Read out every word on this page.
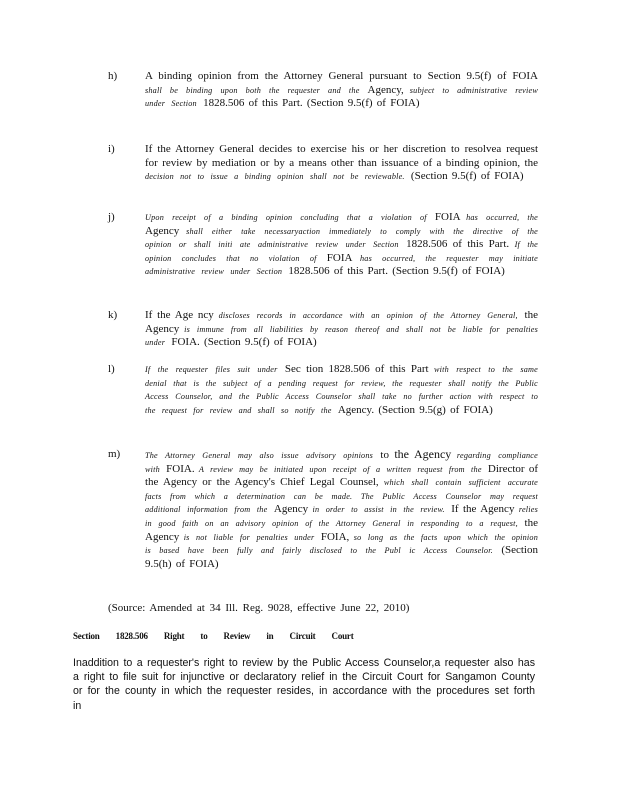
h)	A binding opinion from the Attorney General pursuant to Section 9.5(f) of FOIA shall be binding upon both the requester and the Agency, subject to administrative review under Section 1828.506 of this Part. (Section 9.5(f) of FOIA)
i)	If the Attorney General decides to exercise his or her discretion to resolvea request for review by mediation or by a means other than issuance of a binding opinion, the decision not to issue a binding opinion shall not be reviewable. (Section 9.5(f) of FOIA)
j)	Upon receipt of a binding opinion concluding that a violation of FOIA has occurred, the Agency shall either take necessaryaction immediately to comply with the directive of the opinion or shall initi ate administrative review under Section 1828.506 of this Part. If the opinion concludes that no violation of FOIA has occurred, the requester may initiate administrative review under Section 1828.506 of this Part. (Section 9.5(f) of FOIA)
k)	If the Age ncy discloses records in accordance with an opinion of the Attorney General, the Agency is immune from all liabilities by reason thereof and shall not be liable for penalties under FOIA. (Section 9.5(f) of FOIA)
l)	If the requester files suit under Sec tion 1828.506 of this Part with respect to the same denial that is the subject of a pending request for review, the requester shall notify the Public Access Counselor, and the Public Access Counselor shall take no further action with respect to the request for review and shall so notify the Agency. (Section 9.5(g) of FOIA)
m)	The Attorney General may also issue advisory opinions to the Agency regarding compliance with FOIA. A review may be initiated upon receipt of a written request from the Director of the Agency or the Agency's Chief Legal Counsel, which shall contain sufficient accurate facts from which a determination can be made. The Public Access Counselor may request additional information from the Agency in order to assist in the review. If the Agency relies in good faith on an advisory opinion of the Attorney General in responding to a request, the Agency is not liable for penalties under FOIA, so long as the facts upon which the opinion is based have been fully and fairly disclosed to the Publ ic Access Counselor. (Section 9.5(h) of FOIA)
(Source: Amended at 34 Ill. Reg. 9028, effective June 22, 2010)
Section 1828.506 Right to Review in Circuit Court
Inaddition to a requester's right to review by the Public Access Counselor,a requester also has a right to file suit for injunctive or declaratory relief in the Circuit Court for Sangamon County or for the county in which the requester resides, in accordance with the procedures set forth in
